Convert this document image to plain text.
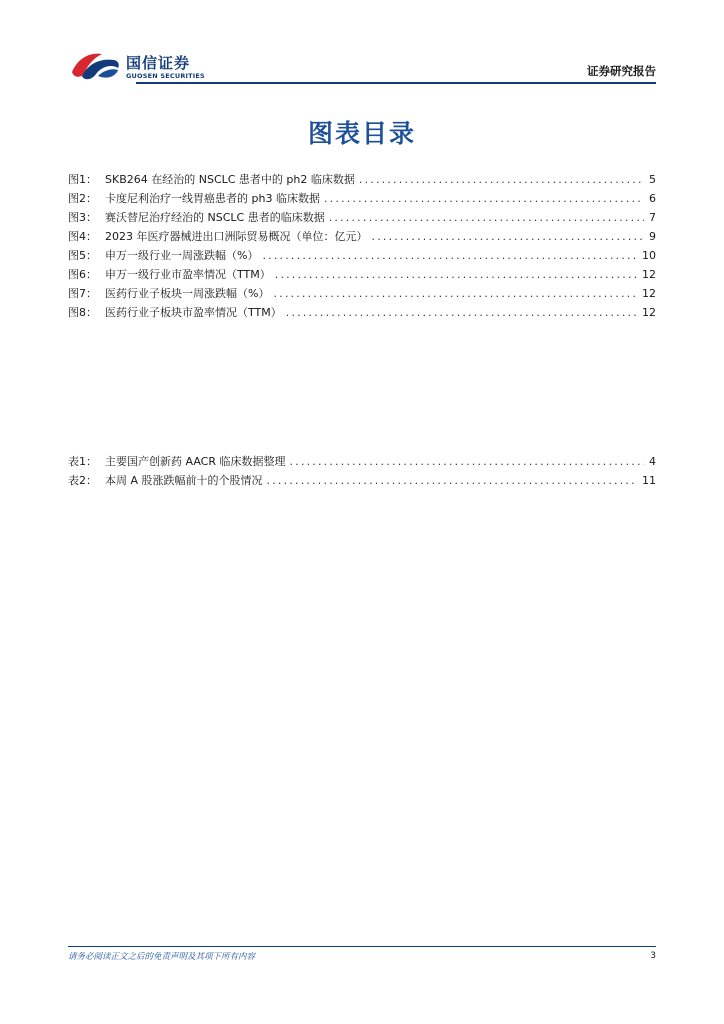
国信证券
GUOSEN SECURITIES	证券研究报告
图表目录
图1： SKB264 在经治的 NSCLC 患者中的 ph2 临床数据 .....	5
图2： 卡度尼利治疗一线胃癌患者的 ph3 临床数据 .....	6
图3： 赛沃替尼治疗经治的 NSCLC 患者的临床数据 .....	7
图4： 2023 年医疗器械进出口洲际贸易概况（单位：亿元） .....	9
图5： 申万一级行业一周涨跌幅（%） .....	10
图6： 申万一级行业市盈率情况（TTM） .....	12
图7： 医药行业子板块一周涨跌幅（%） .....	12
图8： 医药行业子板块市盈率情况（TTM） .....	12
表1： 主要国产创新药 AACR 临床数据整理 .....	4
表2： 本周 A 股涨跌幅前十的个股情况 .....	11
请务必阅读正文之后的免责声明及其项下所有内容	3
